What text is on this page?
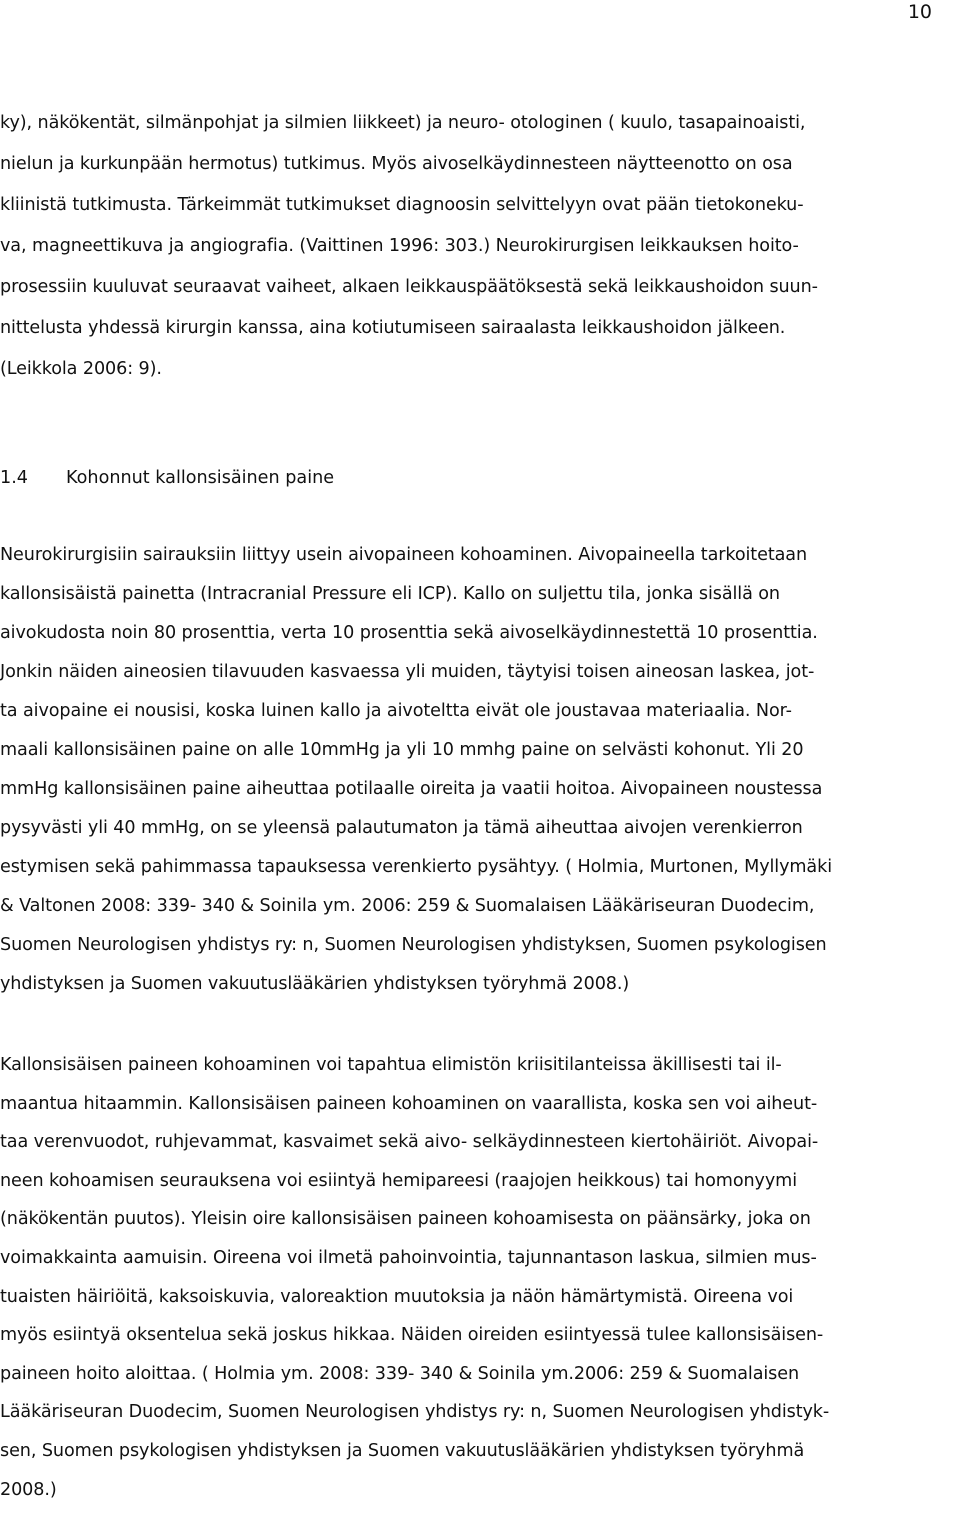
10
ky), näkökentät, silmänpohjat ja silmien liikkeet) ja neuro- otologinen ( kuulo, tasapainoaisti,
nielun ja kurkunpään hermotus) tutkimus. Myös aivoselkäydinnesteen näytteenotto on osa
kliinistä tutkimusta. Tärkeimmät tutkimukset diagnoosin selvittelyyn ovat pään tietokoneku-
va, magneettikuva ja angiografia. (Vaittinen 1996: 303.) Neurokirurgisen leikkauksen hoito-
prosessiin kuuluvat seuraavat vaiheet, alkaen leikkauspäätöksestä sekä leikkaushoidon suun-
nittelusta yhdessä kirurgin kanssa, aina kotiutumiseen sairaalasta leikkaushoidon jälkeen.
(Leikkola 2006: 9).
1.4 Kohonnut kallonsisäinen paine
Neurokirurgisiin sairauksiin liittyy usein aivopaineen kohoaminen. Aivopaineella tarkoitetaan
kallonsisäistä painetta (Intracranial Pressure eli ICP). Kallo on suljettu tila, jonka sisällä on
aivokudosta noin 80 prosenttia, verta 10 prosenttia sekä aivoselkäydinnestettä 10 prosenttia.
Jonkin näiden aineosien tilavuuden kasvaessa yli muiden, täytyisi toisen aineosan laskea, jot-
ta aivopaine ei nousisi, koska luinen kallo ja aivoteltta eivät ole joustavaa materiaalia. Nor-
maali kallonsisäinen paine on alle 10mmHg ja yli 10 mmhg paine on selvästi kohonut. Yli 20
mmHg kallonsisäinen paine aiheuttaa potilaalle oireita ja vaatii hoitoa. Aivopaineen noustessa
pysyvästi yli 40 mmHg, on se yleensä palautumaton ja tämä aiheuttaa aivojen verenkierron
estymisen sekä pahimmassa tapauksessa verenkierto pysähtyy. ( Holmia, Murtonen, Myllymäki
& Valtonen 2008: 339- 340 & Soinila ym. 2006: 259 & Suomalaisen Lääkäriseuran Duodecim,
Suomen Neurologisen yhdistys ry: n, Suomen Neurologisen yhdistyksen, Suomen psykologisen
yhdistyksen ja Suomen vakuutuslääkärien yhdistyksen työryhmä 2008.)
Kallonsisäisen paineen kohoaminen voi tapahtua elimistön kriisitilanteissa äkillisesti tai il-
maantua hitaammin. Kallonsisäisen paineen kohoaminen on vaarallista, koska sen voi aiheut-
taa verenvuodot, ruhjevammat, kasvaimet sekä aivo- selkäydinnesteen kiertohäiriöt. Aivopai-
neen kohoamisen seurauksena voi esiintyä hemipareesi (raajojen heikkous) tai homonyymi
(näkökentän puutos). Yleisin oire kallonsisäisen paineen kohoamisesta on päänsärky, joka on
voimakkainta aamuisin. Oireena voi ilmetä pahoinvointia, tajunnantason laskua, silmien mus-
tuaisten häiriöitä, kaksoiskuvia, valoreaktion muutoksia ja näön hämärtymistä. Oireena voi
myös esiintyä oksentelua sekä joskus hikkaa. Näiden oireiden esiintyessä tulee kallonsisäisen-
paineen hoito aloittaa. ( Holmia ym. 2008: 339- 340 & Soinila ym.2006: 259 & Suomalaisen
Lääkäriseuran Duodecim, Suomen Neurologisen yhdistys ry: n, Suomen Neurologisen yhdistyk-
sen, Suomen psykologisen yhdistyksen ja Suomen vakuutuslääkärien yhdistyksen työryhmä
2008.)
